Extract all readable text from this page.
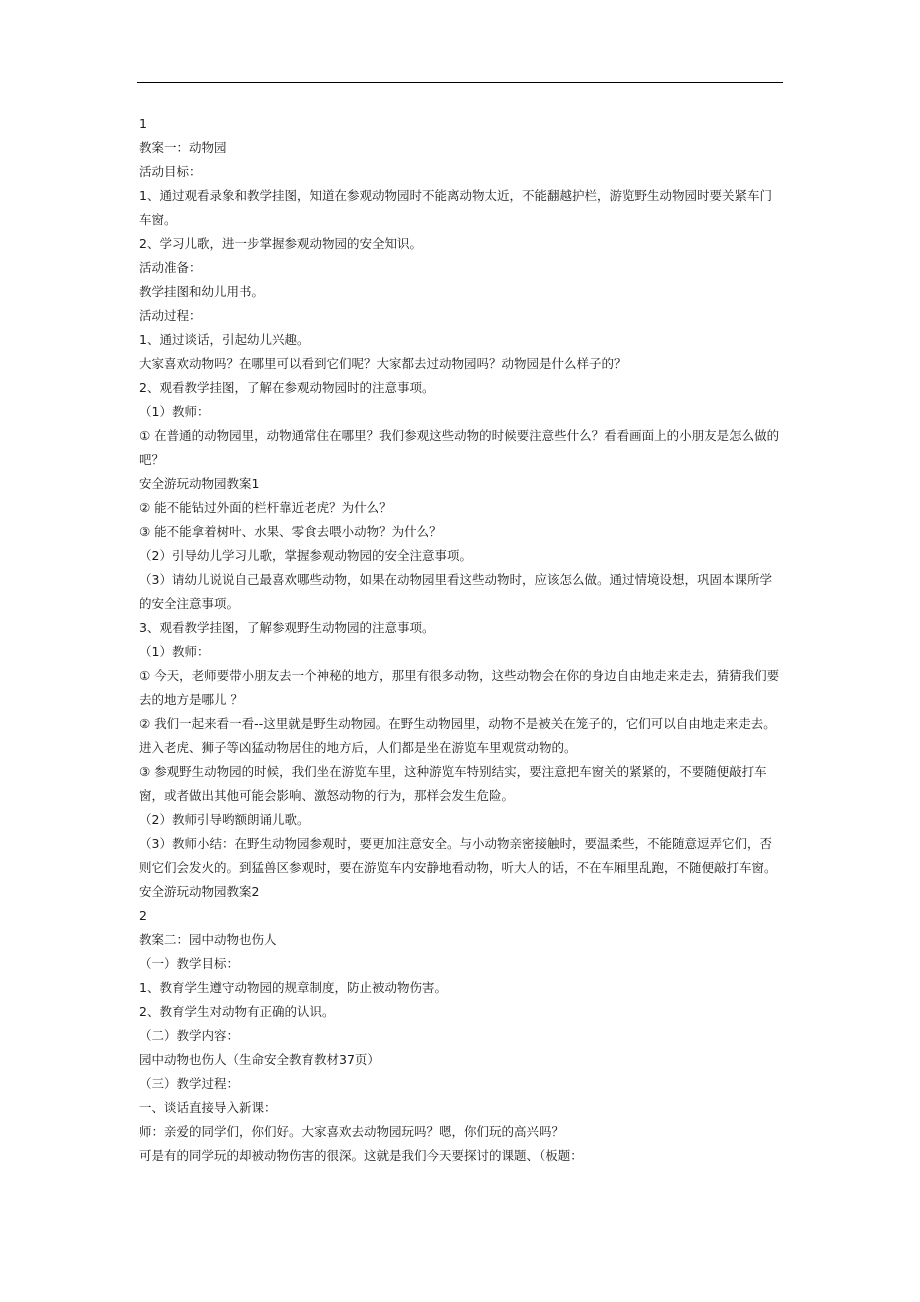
1

教案一：动物园

活动目标：

1、通过观看录象和教学挂图，知道在参观动物园时不能离动物太近，不能翻越护栏，游览野生动物园时要关紧车门车窗。

2、学习儿歌，进一步掌握参观动物园的安全知识。

活动准备：

教学挂图和幼儿用书。

活动过程：

1、通过谈话，引起幼儿兴趣。

大家喜欢动物吗？在哪里可以看到它们呢？大家都去过动物园吗？动物园是什么样子的？

2、观看教学挂图，了解在参观动物园时的注意事项。

（1）教师：

① 在普通的动物园里，动物通常住在哪里？我们参观这些动物的时候要注意些什么？看看画面上的小朋友是怎么做的吧？

安全游玩动物园教案1

② 能不能钻过外面的栏杆靠近老虎？为什么？

③ 能不能拿着树叶、水果、零食去喂小动物？为什么？

（2）引导幼儿学习儿歌，掌握参观动物园的安全注意事项。

（3）请幼儿说说自己最喜欢哪些动物，如果在动物园里看这些动物时，应该怎么做。通过情境设想，巩固本课所学的安全注意事项。

3、观看教学挂图，了解参观野生动物园的注意事项。

（1）教师：

① 今天，老师要带小朋友去一个神秘的地方，那里有很多动物，这些动物会在你的身边自由地走来走去，猜猜我们要去的地方是哪儿 ？

② 我们一起来看一看--这里就是野生动物园。在野生动物园里，动物不是被关在笼子的，它们可以自由地走来走去。进入老虎、狮子等凶猛动物居住的地方后，人们都是坐在游览车里观赏动物的。

③ 参观野生动物园的时候，我们坐在游览车里，这种游览车特别结实，要注意把车窗关的紧紧的，不要随便敲打车窗，或者做出其他可能会影响、激怒动物的行为，那样会发生危险。

（2）教师引导哟额朗诵儿歌。

（3）教师小结：在野生动物园参观时，要更加注意安全。与小动物亲密接触时，要温柔些，不能随意逗弄它们，否则它们会发火的。到猛兽区参观时，要在游览车内安静地看动物，听大人的话，不在车厢里乱跑，不随便敲打车窗。

安全游玩动物园教案2

2

教案二：园中动物也伤人

（一）教学目标：

1、教育学生遵守动物园的规章制度，防止被动物伤害。

2、教育学生对动物有正确的认识。

（二）教学内容：

园中动物也伤人（生命安全教育教材37页）

（三）教学过程：

一、谈话直接导入新课：

师：亲爱的同学们，你们好。大家喜欢去动物园玩吗？嗯，你们玩的高兴吗？

可是有的同学玩的却被动物伤害的很深。这就是我们今天要探讨的课题、（板题：
